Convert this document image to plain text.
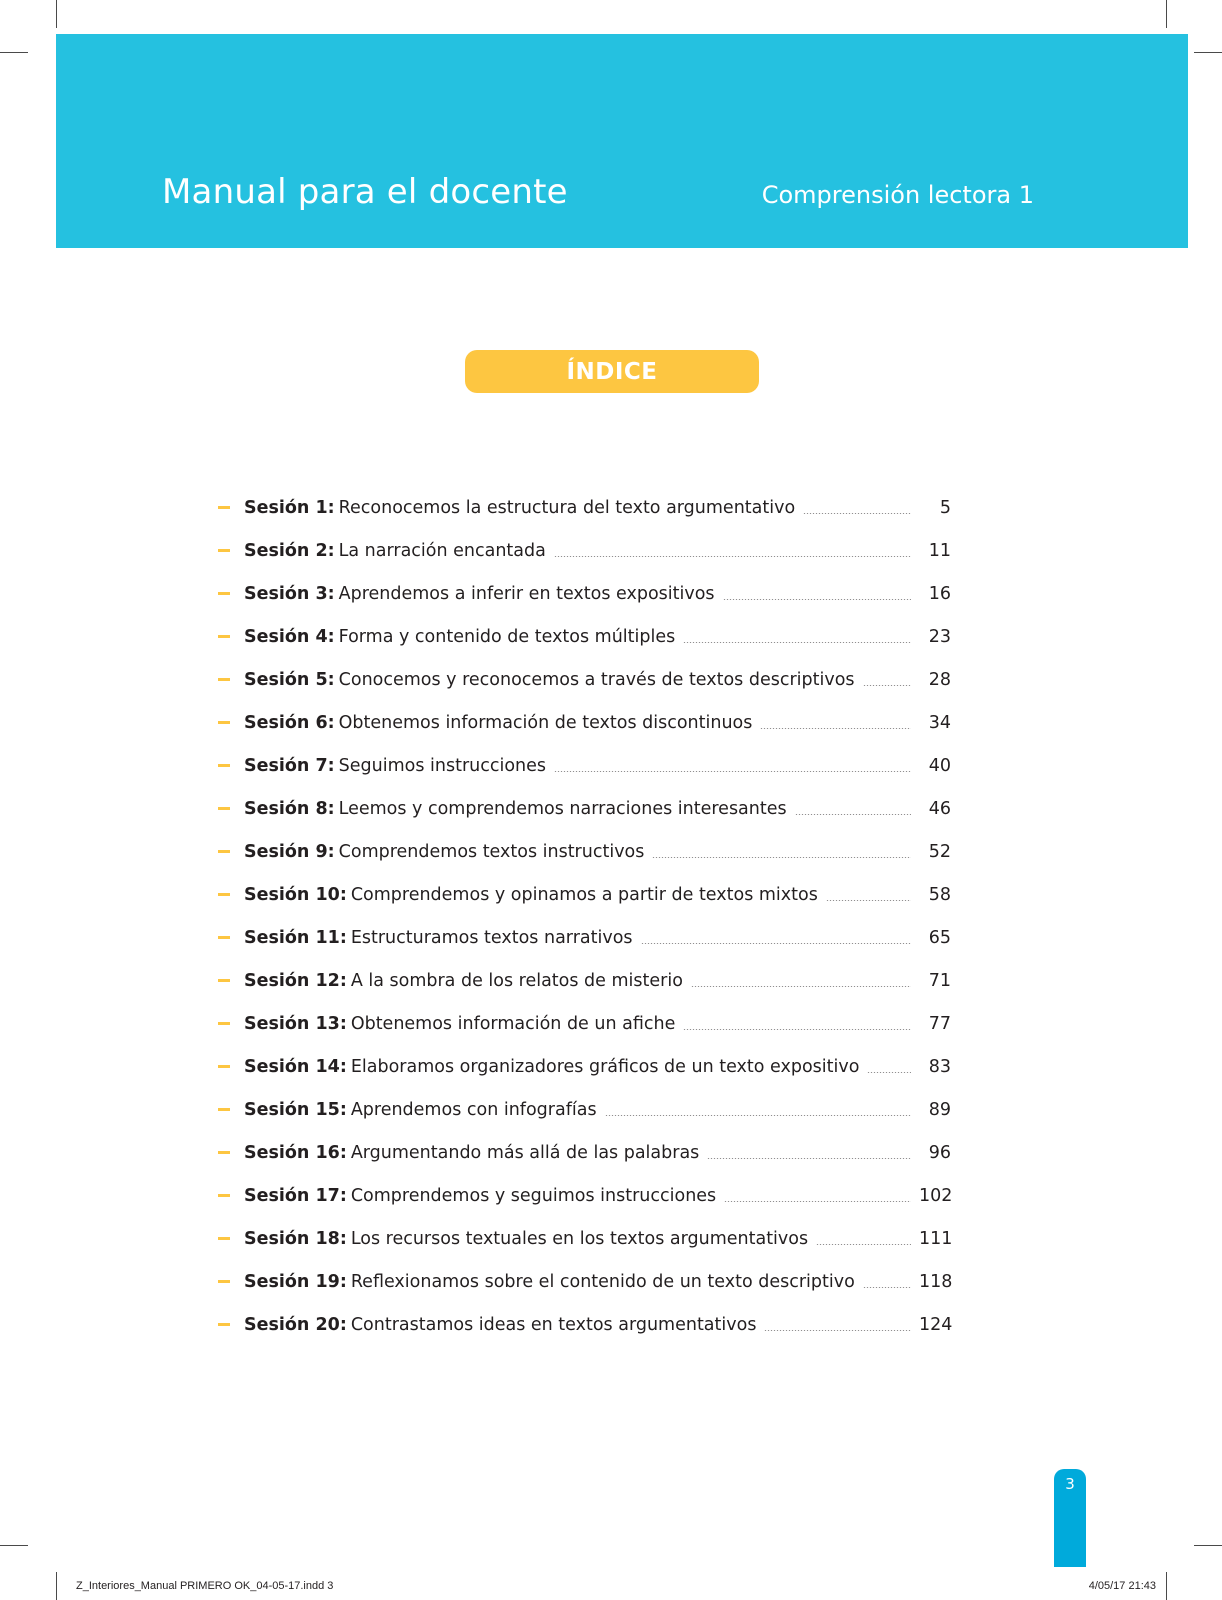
Manual para el docente	Comprensión lectora 1
ÍNDICE
Sesión 1: Reconocemos la estructura del texto argumentativo	5
Sesión 2: La narración encantada	11
Sesión 3: Aprendemos a inferir en textos expositivos	16
Sesión 4: Forma y contenido de textos múltiples	23
Sesión 5: Conocemos y reconocemos a través de textos descriptivos	28
Sesión 6: Obtenemos información de textos discontinuos	34
Sesión 7: Seguimos instrucciones	40
Sesión 8: Leemos y comprendemos narraciones interesantes	46
Sesión 9: Comprendemos textos instructivos	52
Sesión 10: Comprendemos y opinamos a partir de textos mixtos	58
Sesión 11: Estructuramos textos narrativos	65
Sesión 12: A la sombra de los relatos de misterio	71
Sesión 13: Obtenemos información de un afiche	77
Sesión 14: Elaboramos organizadores gráficos de un texto expositivo	83
Sesión 15: Aprendemos con infografías	89
Sesión 16: Argumentando más allá de las palabras	96
Sesión 17: Comprendemos y seguimos instrucciones	102
Sesión 18: Los recursos textuales en los textos argumentativos	111
Sesión 19: Reflexionamos sobre el contenido de un texto descriptivo	118
Sesión 20: Contrastamos ideas en textos argumentativos	124
3
Z_Interiores_Manual PRIMERO OK_04-05-17.indd 3	4/05/17 21:43
